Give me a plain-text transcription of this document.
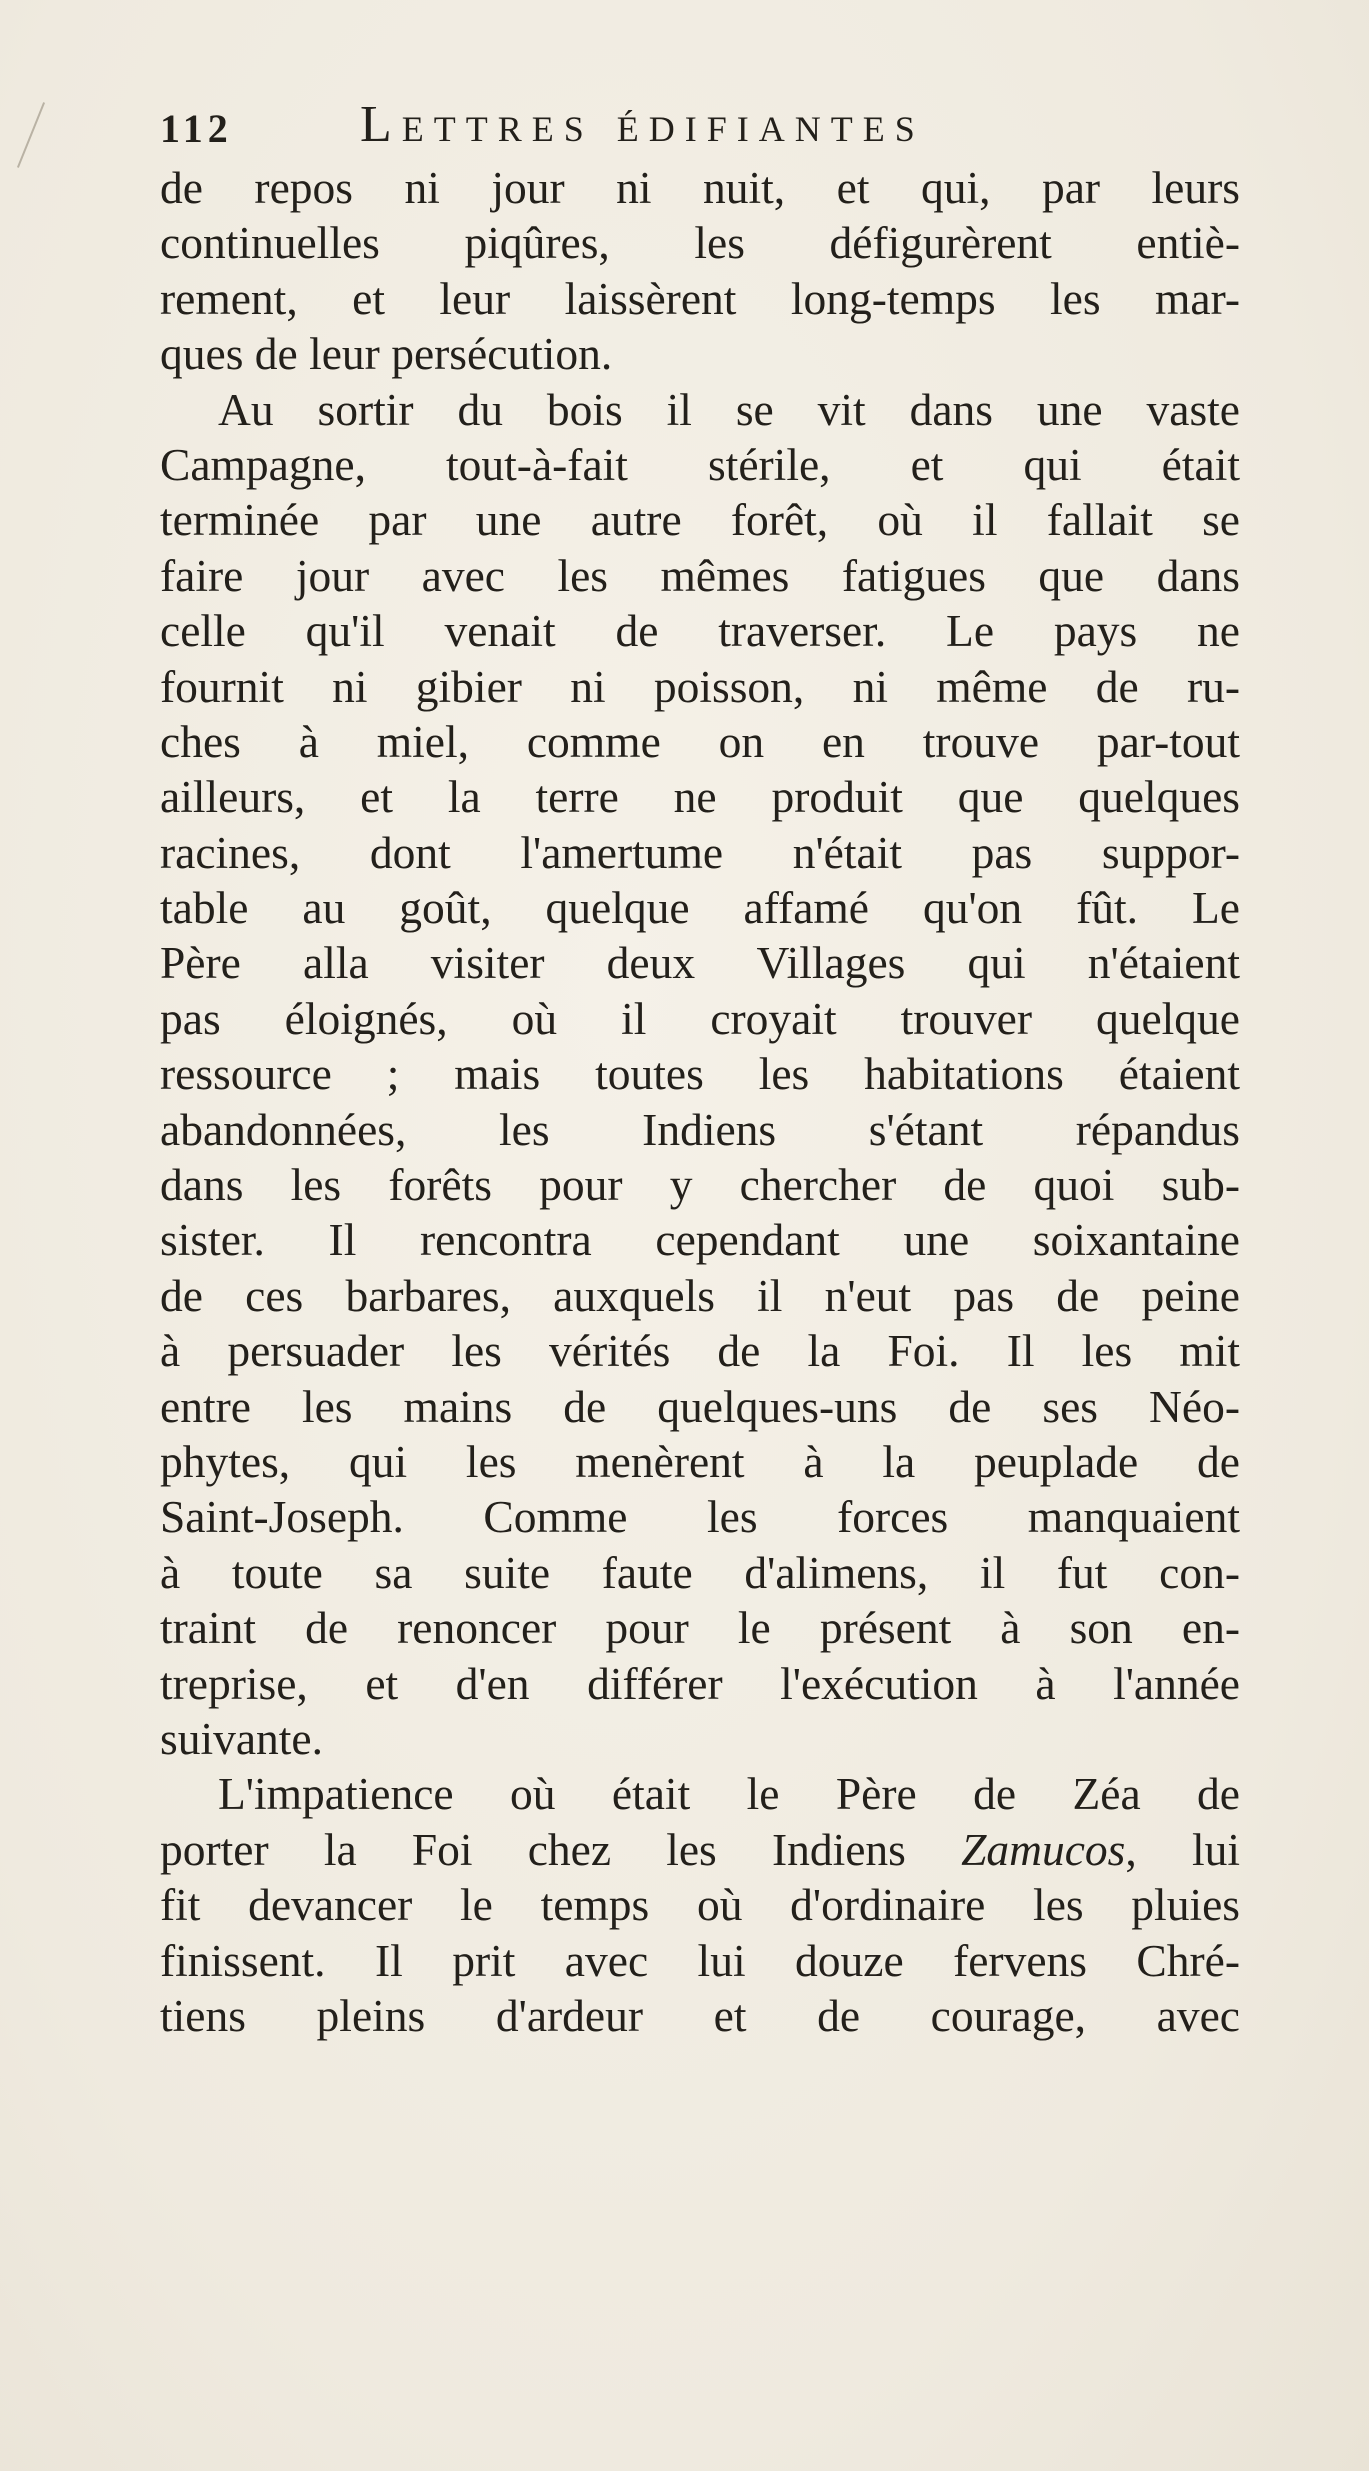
112 Lettres édifiantes
de repos ni jour ni nuit, et qui, par leurs
continuelles piqûres, les défigurèrent entiè-
rement, et leur laissèrent long-temps les mar-
ques de leur persécution.
Au sortir du bois il se vit dans une vaste
Campagne, tout-à-fait stérile, et qui était
terminée par une autre forêt, où il fallait se
faire jour avec les mêmes fatigues que dans
celle qu'il venait de traverser. Le pays ne
fournit ni gibier ni poisson, ni même de ru-
ches à miel, comme on en trouve par-tout
ailleurs, et la terre ne produit que quelques
racines, dont l'amertume n'était pas suppor-
table au goût, quelque affamé qu'on fût. Le
Père alla visiter deux Villages qui n'étaient
pas éloignés, où il croyait trouver quelque
ressource ; mais toutes les habitations étaient
abandonnées, les Indiens s'étant répandus
dans les forêts pour y chercher de quoi sub-
sister. Il rencontra cependant une soixantaine
de ces barbares, auxquels il n'eut pas de peine
à persuader les vérités de la Foi. Il les mit
entre les mains de quelques-uns de ses Néo-
phytes, qui les menèrent à la peuplade de
Saint-Joseph. Comme les forces manquaient
à toute sa suite faute d'alimens, il fut con-
traint de renoncer pour le présent à son en-
treprise, et d'en différer l'exécution à l'année
suivante.
L'impatience où était le Père de Zéa de
porter la Foi chez les Indiens Zamucos, lui
fit devancer le temps où d'ordinaire les pluies
finissent. Il prit avec lui douze fervens Chré-
tiens pleins d'ardeur et de courage, avec
